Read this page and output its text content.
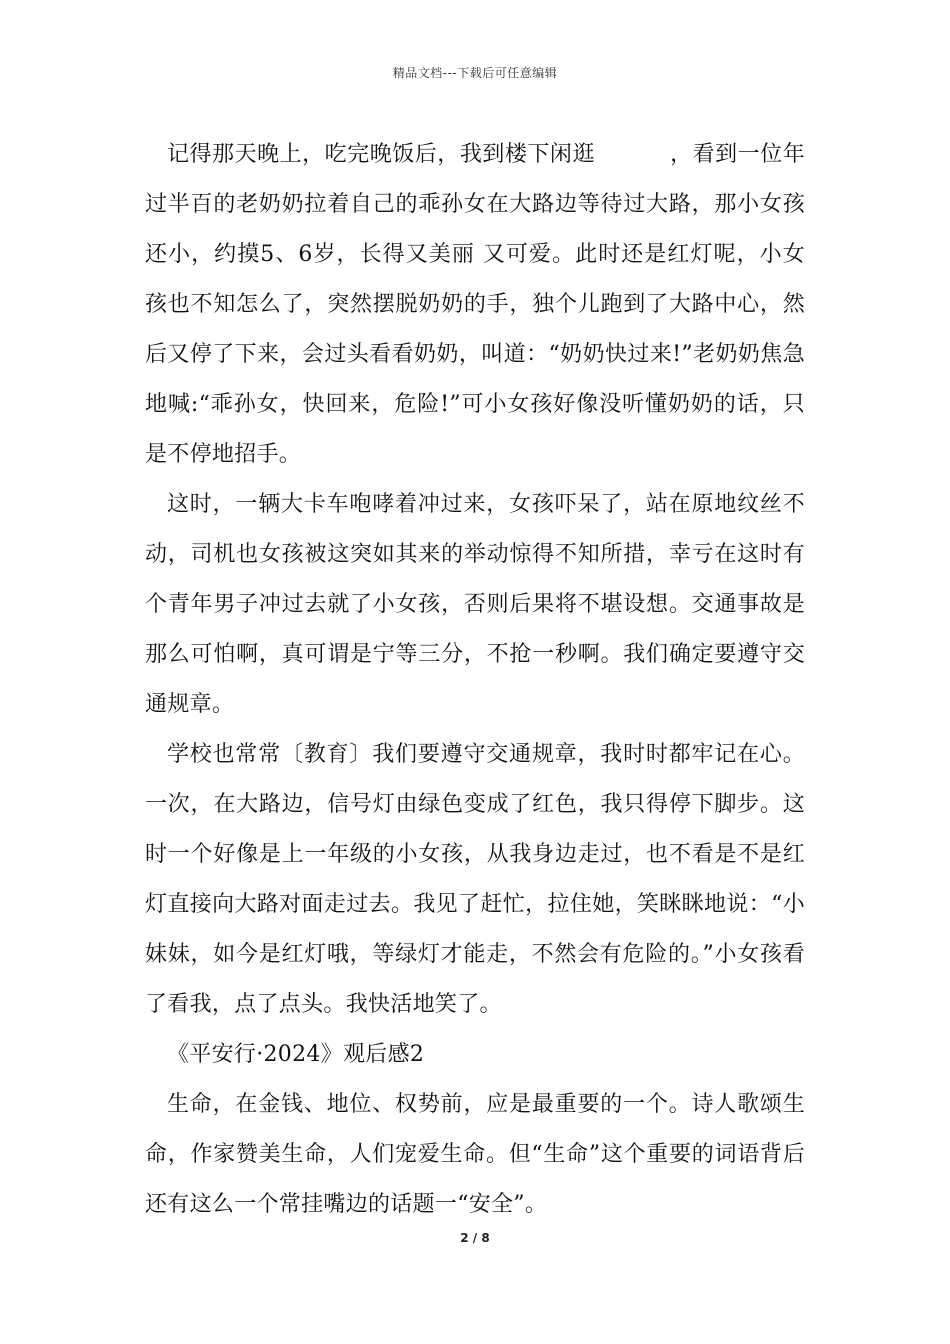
精品文档---下载后可任意编辑

记得那天晚上，吃完晚饭后，我到楼下闲逛 　　　，看到一位年过半百的老奶奶拉着自己的乖孙女在大路边等待过大路，那小女孩还小，约摸5、6岁，长得又美丽 又可爱。此时还是红灯呢，小女孩也不知怎么了，突然摆脱奶奶的手，独个儿跑到了大路中心，然后又停了下来，会过头看看奶奶，叫道：“奶奶快过来!”老奶奶焦急地喊:“乖孙女，快回来，危险!”可小女孩好像没听懂奶奶的话，只是不停地招手。

这时，一辆大卡车咆哮着冲过来，女孩吓呆了，站在原地纹丝不动，司机也女孩被这突如其来的举动惊得不知所措，幸亏在这时有个青年男子冲过去就了小女孩，否则后果将不堪设想。交通事故是那么可怕啊，真可谓是宁等三分，不抢一秒啊。我们确定要遵守交通规章。

学校也常常〔教育〕我们要遵守交通规章，我时时都牢记在心。一次，在大路边，信号灯由绿色变成了红色，我只得停下脚步。这时一个好像是上一年级的小女孩，从我身边走过，也不看是不是红灯直接向大路对面走过去。我见了赶忙，拉住她，笑眯眯地说：“小妹妹，如今是红灯哦，等绿灯才能走，不然会有危险的。”小女孩看了看我，点了点头。我快活地笑了。

《平安行·2024》观后感2

生命，在金钱、地位、权势前，应是最重要的一个。诗人歌颂生命，作家赞美生命，人们宠爱生命。但“生命”这个重要的词语背后还有这么一个常挂嘴边的话题一“安全”。

2 / 8
